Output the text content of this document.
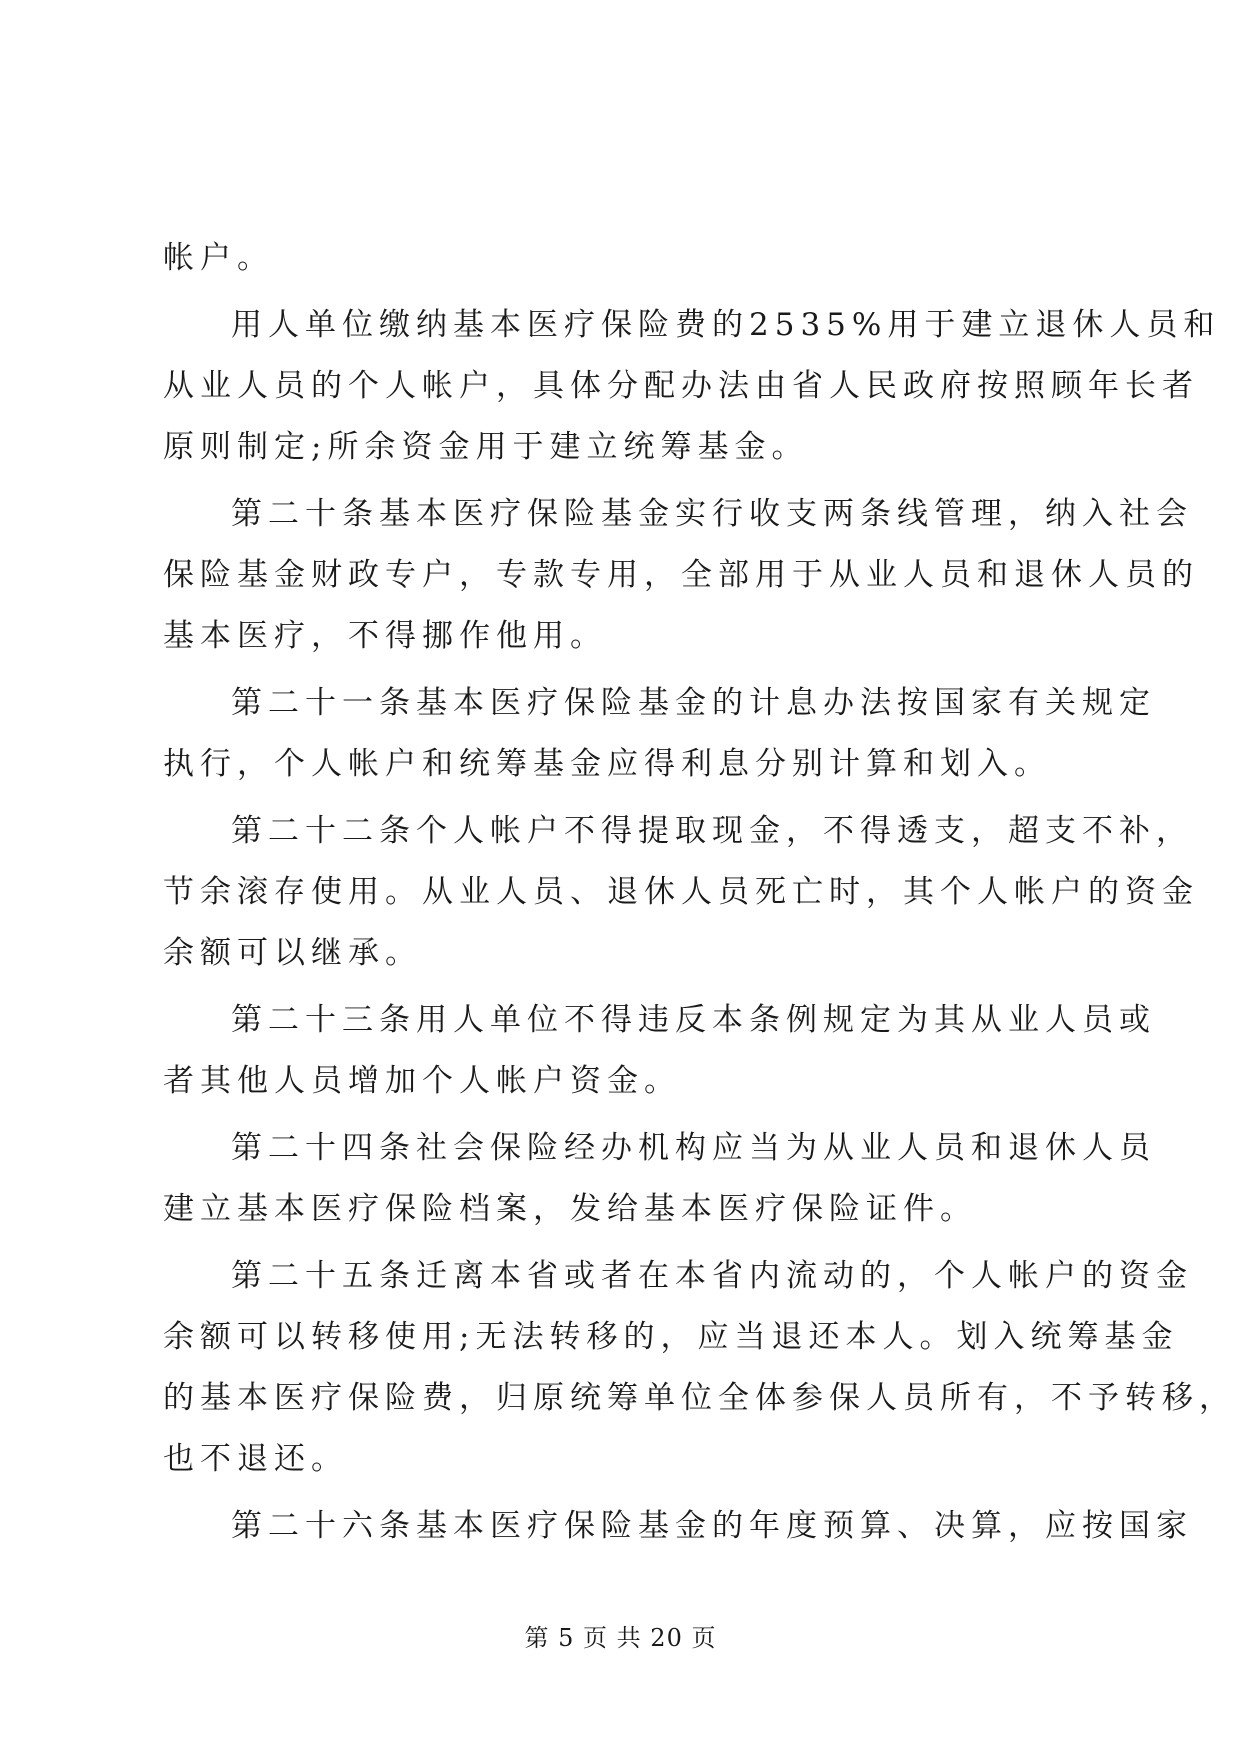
帐户。
用人单位缴纳基本医疗保险费的2535%用于建立退休人员和
从业人员的个人帐户，具体分配办法由省人民政府按照顾年长者
原则制定;所余资金用于建立统筹基金。
第二十条基本医疗保险基金实行收支两条线管理，纳入社会
保险基金财政专户，专款专用，全部用于从业人员和退休人员的
基本医疗，不得挪作他用。
第二十一条基本医疗保险基金的计息办法按国家有关规定
执行，个人帐户和统筹基金应得利息分别计算和划入。
第二十二条个人帐户不得提取现金，不得透支，超支不补，
节余滚存使用。从业人员、退休人员死亡时，其个人帐户的资金
余额可以继承。
第二十三条用人单位不得违反本条例规定为其从业人员或
者其他人员增加个人帐户资金。
第二十四条社会保险经办机构应当为从业人员和退休人员
建立基本医疗保险档案，发给基本医疗保险证件。
第二十五条迁离本省或者在本省内流动的，个人帐户的资金
余额可以转移使用;无法转移的，应当退还本人。划入统筹基金
的基本医疗保险费，归原统筹单位全体参保人员所有，不予转移，
也不退还。
第二十六条基本医疗保险基金的年度预算、决算，应按国家
第 5 页 共 20 页
